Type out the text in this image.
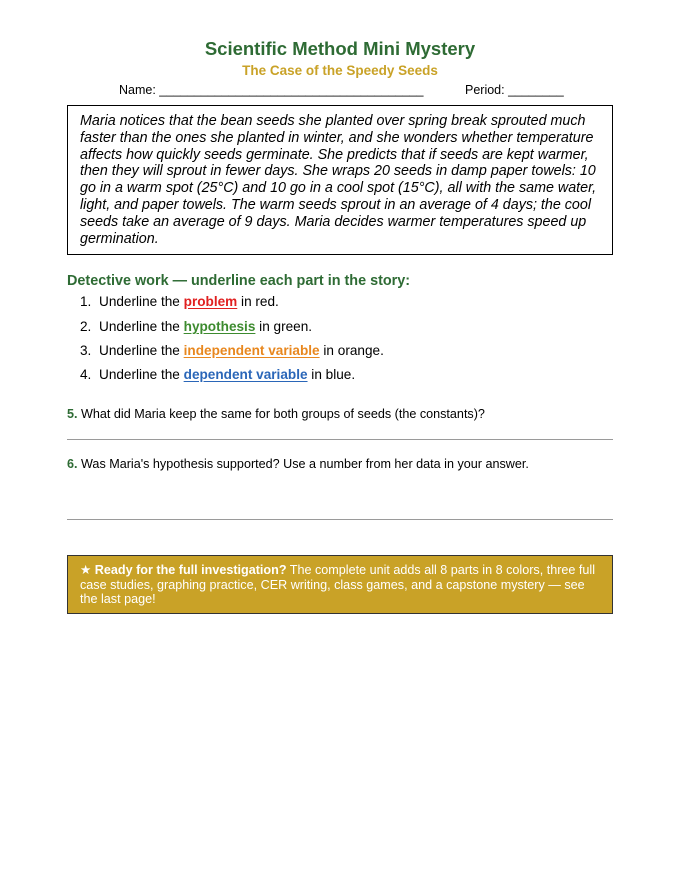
Scientific Method Mini Mystery
The Case of the Speedy Seeds
Name: ______________________________________	Period: ________
Maria notices that the bean seeds she planted over spring break sprouted much faster than the ones she planted in winter, and she wonders whether temperature affects how quickly seeds germinate. She predicts that if seeds are kept warmer, then they will sprout in fewer days. She wraps 20 seeds in damp paper towels: 10 go in a warm spot (25°C) and 10 go in a cool spot (15°C), all with the same water, light, and paper towels. The warm seeds sprout in an average of 4 days; the cool seeds take an average of 9 days. Maria decides warmer temperatures speed up germination.
Detective work — underline each part in the story:
1. Underline the problem in red.
2. Underline the hypothesis in green.
3. Underline the independent variable in orange.
4. Underline the dependent variable in blue.
5. What did Maria keep the same for both groups of seeds (the constants)?
6. Was Maria's hypothesis supported? Use a number from her data in your answer.
★ Ready for the full investigation? The complete unit adds all 8 parts in 8 colors, three full case studies, graphing practice, CER writing, class games, and a capstone mystery — see the last page!
